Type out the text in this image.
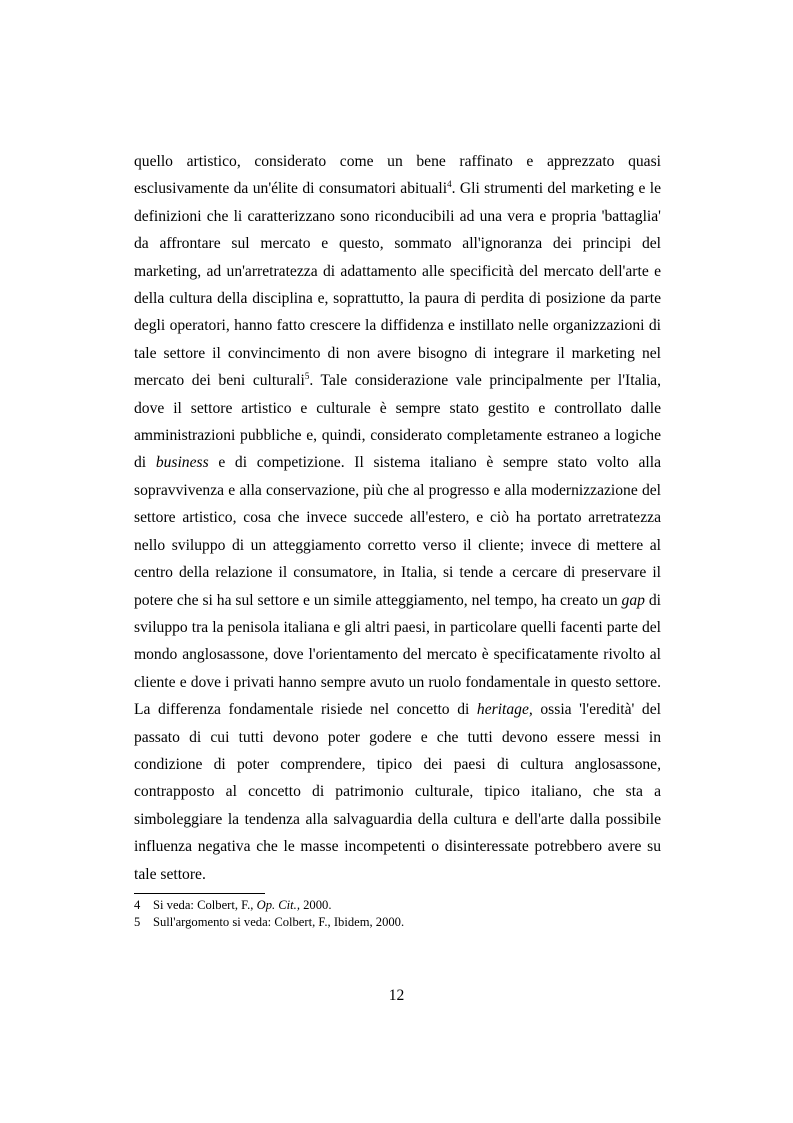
quello artistico, considerato come un bene raffinato e apprezzato quasi esclusivamente da un'élite di consumatori abituali$^4$. Gli strumenti del marketing e le definizioni che li caratterizzano sono riconducibili ad una vera e propria 'battaglia' da affrontare sul mercato e questo, sommato all'ignoranza dei principi del marketing, ad un'arretratezza di adattamento alle specificità del mercato dell'arte e della cultura della disciplina e, soprattutto, la paura di perdita di posizione da parte degli operatori, hanno fatto crescere la diffidenza e instillato nelle organizzazioni di tale settore il convincimento di non avere bisogno di integrare il marketing nel mercato dei beni culturali$^5$. Tale considerazione vale principalmente per l'Italia, dove il settore artistico e culturale è sempre stato gestito e controllato dalle amministrazioni pubbliche e, quindi, considerato completamente estraneo a logiche di business e di competizione. Il sistema italiano è sempre stato volto alla sopravvivenza e alla conservazione, più che al progresso e alla modernizzazione del settore artistico, cosa che invece succede all'estero, e ciò ha portato arretratezza nello sviluppo di un atteggiamento corretto verso il cliente; invece di mettere al centro della relazione il consumatore, in Italia, si tende a cercare di preservare il potere che si ha sul settore e un simile atteggiamento, nel tempo, ha creato un gap di sviluppo tra la penisola italiana e gli altri paesi, in particolare quelli facenti parte del mondo anglosassone, dove l'orientamento del mercato è specificatamente rivolto al cliente e dove i privati hanno sempre avuto un ruolo fondamentale in questo settore. La differenza fondamentale risiede nel concetto di heritage, ossia 'l'eredità' del passato di cui tutti devono poter godere e che tutti devono essere messi in condizione di poter comprendere, tipico dei paesi di cultura anglosassone, contrapposto al concetto di patrimonio culturale, tipico italiano, che sta a simboleggiare la tendenza alla salvaguardia della cultura e dell'arte dalla possibile influenza negativa che le masse incompetenti o disinteressate potrebbero avere su tale settore.

4	Si veda: Colbert, F., Op. Cit., 2000.
5	Sull'argomento si veda: Colbert, F., Ibidem, 2000.
12
